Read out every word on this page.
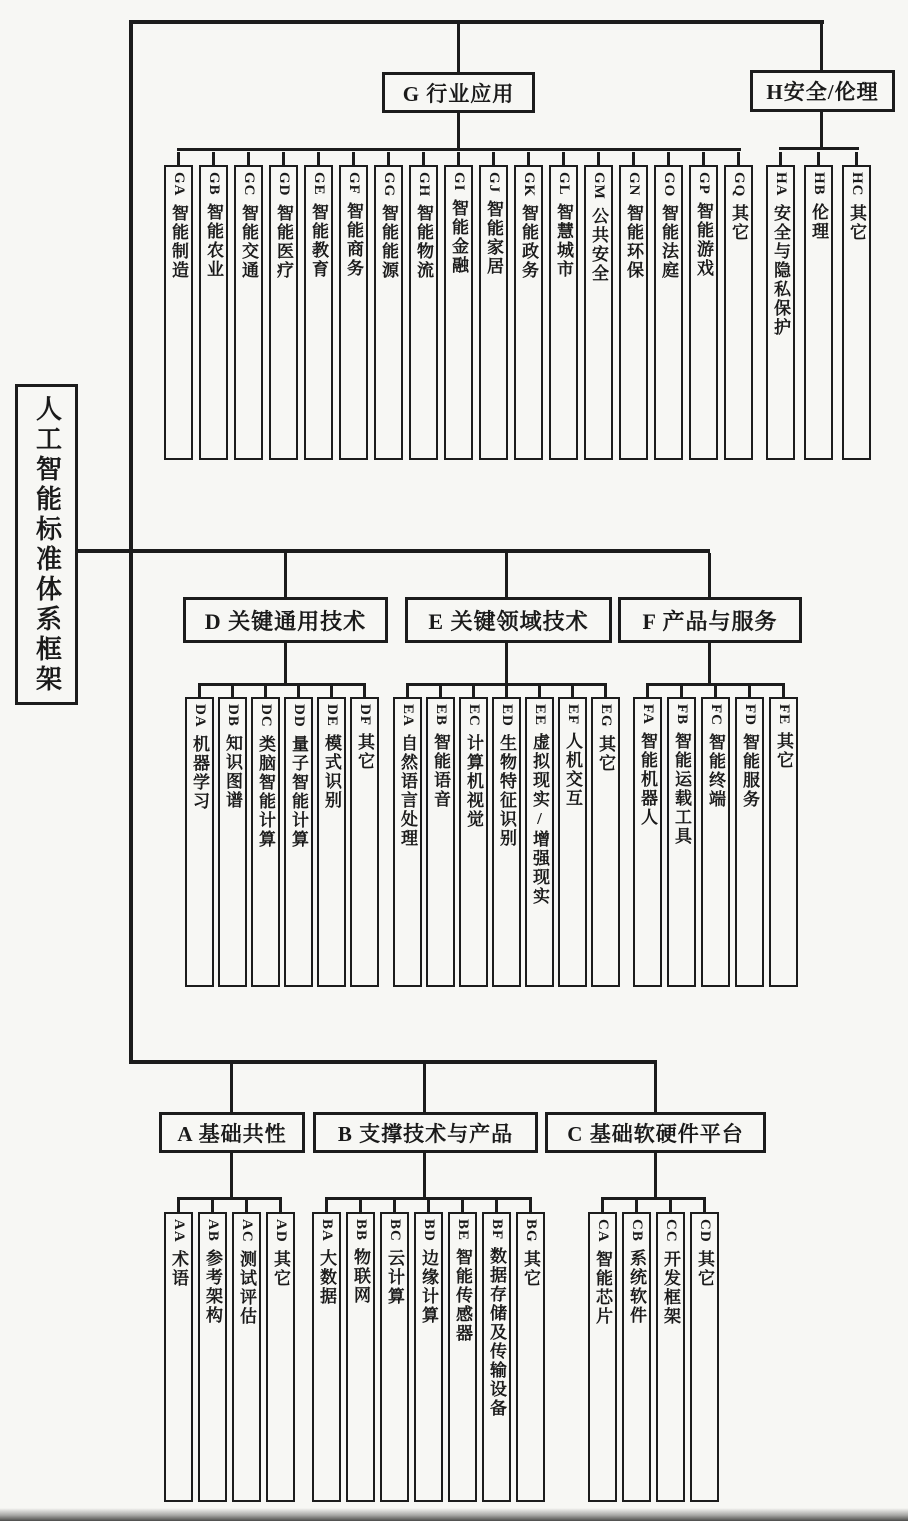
人工智能标准体系框架
G 行业应用	H安全/伦理
D 关键通用技术	E 关键领域技术 F 产品与服务
A 基础共性 B 支撑技术与产品	C 基础软硬件平台
GA
智能制造
GB
智能农业
GC
智能交通
GD
智能医疗
GE
智能教育
GF
智能商务
GG
智能能源
GH
智能物流
GI
智能金融
GJ
智能家居
GK
智能政务
GL
智慧城市
GM
公共安全
GN
智能环保
GO
智能法庭
GP
智能游戏
GQ
其它
HA
安全与隐私保护
HB
伦理
HC
其它
DA
机器学习
DB
知识图谱
DC
类脑智能计算
DD
量子智能计算
DE
模式识别
DF
其它
EA
自然语言处理
EB
智能语音
EC
计算机视觉
ED
生物特征识别
EE
虚拟现实/增强现实
EF
人机交互
EG
其它
FA
智能机器人
FB
智能运载工具
FC
智能终端
FD
智能服务
FE
其它
AA
术语
AB
参考架构
AC
测试评估
AD
其它
BA
大数据
BB
物联网
BC
云计算
BD
边缘计算
BE
智能传感器
BF
数据存储及传输设备
BG
其它
CA
智能芯片
CB
系统软件
CC
开发框架
CD
其它
